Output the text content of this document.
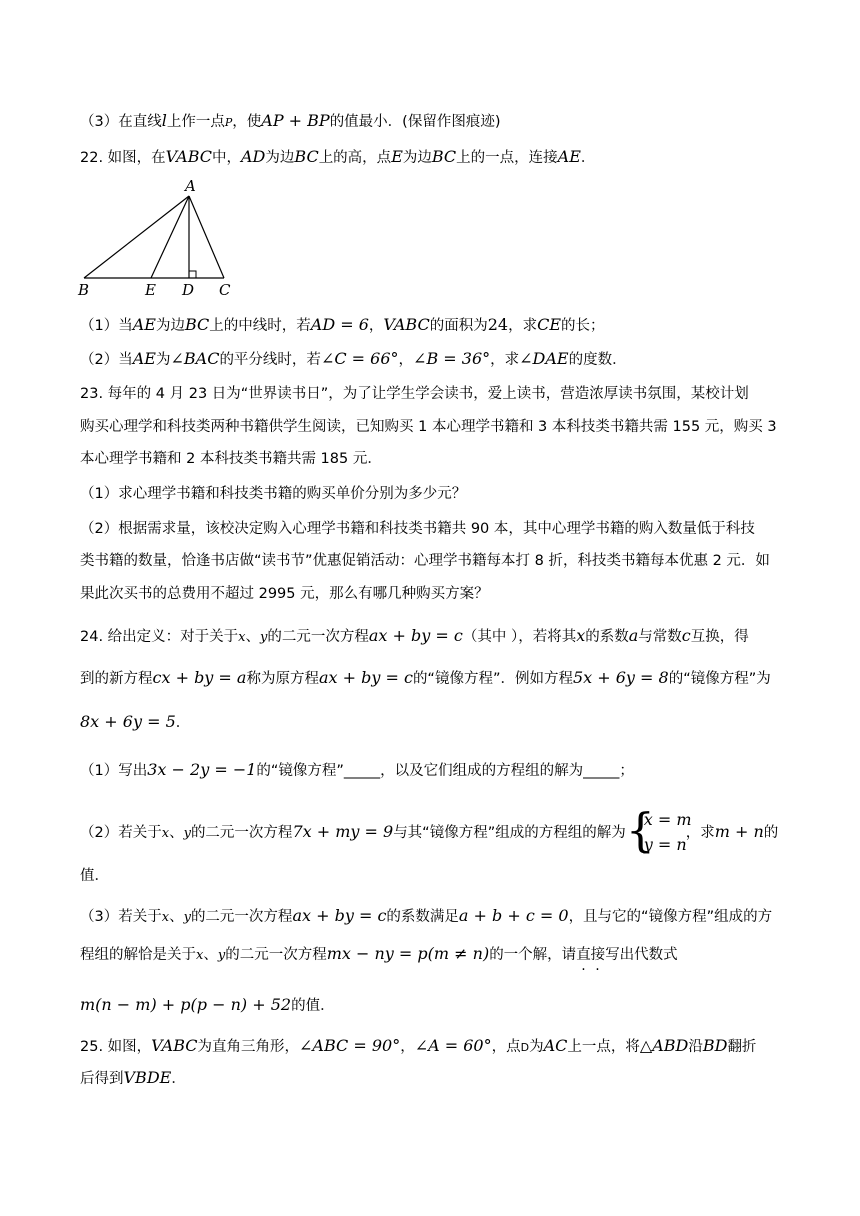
（3）在直线l上作一点P，使AP + BP的值最小．(保留作图痕迹)
22. 如图，在VABC中，AD为边BC上的高，点E为边BC上的一点，连接AE．
A
B	E D C
（1）当AE为边BC上的中线时，若AD = 6，VABC的面积为24，求CE的长；
（2）当AE为∠BAC的平分线时，若∠C = 66°，∠B = 36°，求∠DAE的度数．
23. 每年的 4 月 23 日为“世界读书日”，为了让学生学会读书，爱上读书，营造浓厚读书氛围，某校计划
购买心理学和科技类两种书籍供学生阅读，已知购买 1 本心理学书籍和 3 本科技类书籍共需 155 元，购买 3
本心理学书籍和 2 本科技类书籍共需 185 元．
（1）求心理学书籍和科技类书籍的购买单价分别为多少元？
（2）根据需求量，该校决定购入心理学书籍和科技类书籍共 90 本，其中心理学书籍的购入数量低于科技
类书籍的数量，恰逢书店做“读书节”优惠促销活动：心理学书籍每本打 8 折，科技类书籍每本优惠 2 元．如
果此次买书的总费用不超过 2995 元，那么有哪几种购买方案？
24. 给出定义：对于关于x、y的二元一次方程ax + by = c（其中 ），若将其x的系数a与常数c互换，得
到的新方程cx + by = a称为原方程ax + by = c的“镜像方程”．例如方程5x + 6y = 8的“镜像方程”为
8x + 6y = 5．
（1）写出3x − 2y = −1的“镜像方程”_____，以及它们组成的方程组的解为_____；
（2）若关于x、y的二元一次方程7x + my = 9与其“镜像方程”组成的方程组的解为 {
x = m
y = n
，求m + n的
值．
（3）若关于x、y的二元一次方程ax + by = c的系数满足a + b + c = 0，且与它的“镜像方程”组成的方
程组的解恰是关于x、y的二元一次方程mx − ny = p(m ≠ n)的一个解，请直接
· ·
写出代数式
m(n − m) + p(p − n) + 52的值．
25. 如图，VABC为直角三角形，∠ABC = 90°，∠A = 60°，点D为AC上一点，将△ABD沿BD翻折
后得到VBDE．
